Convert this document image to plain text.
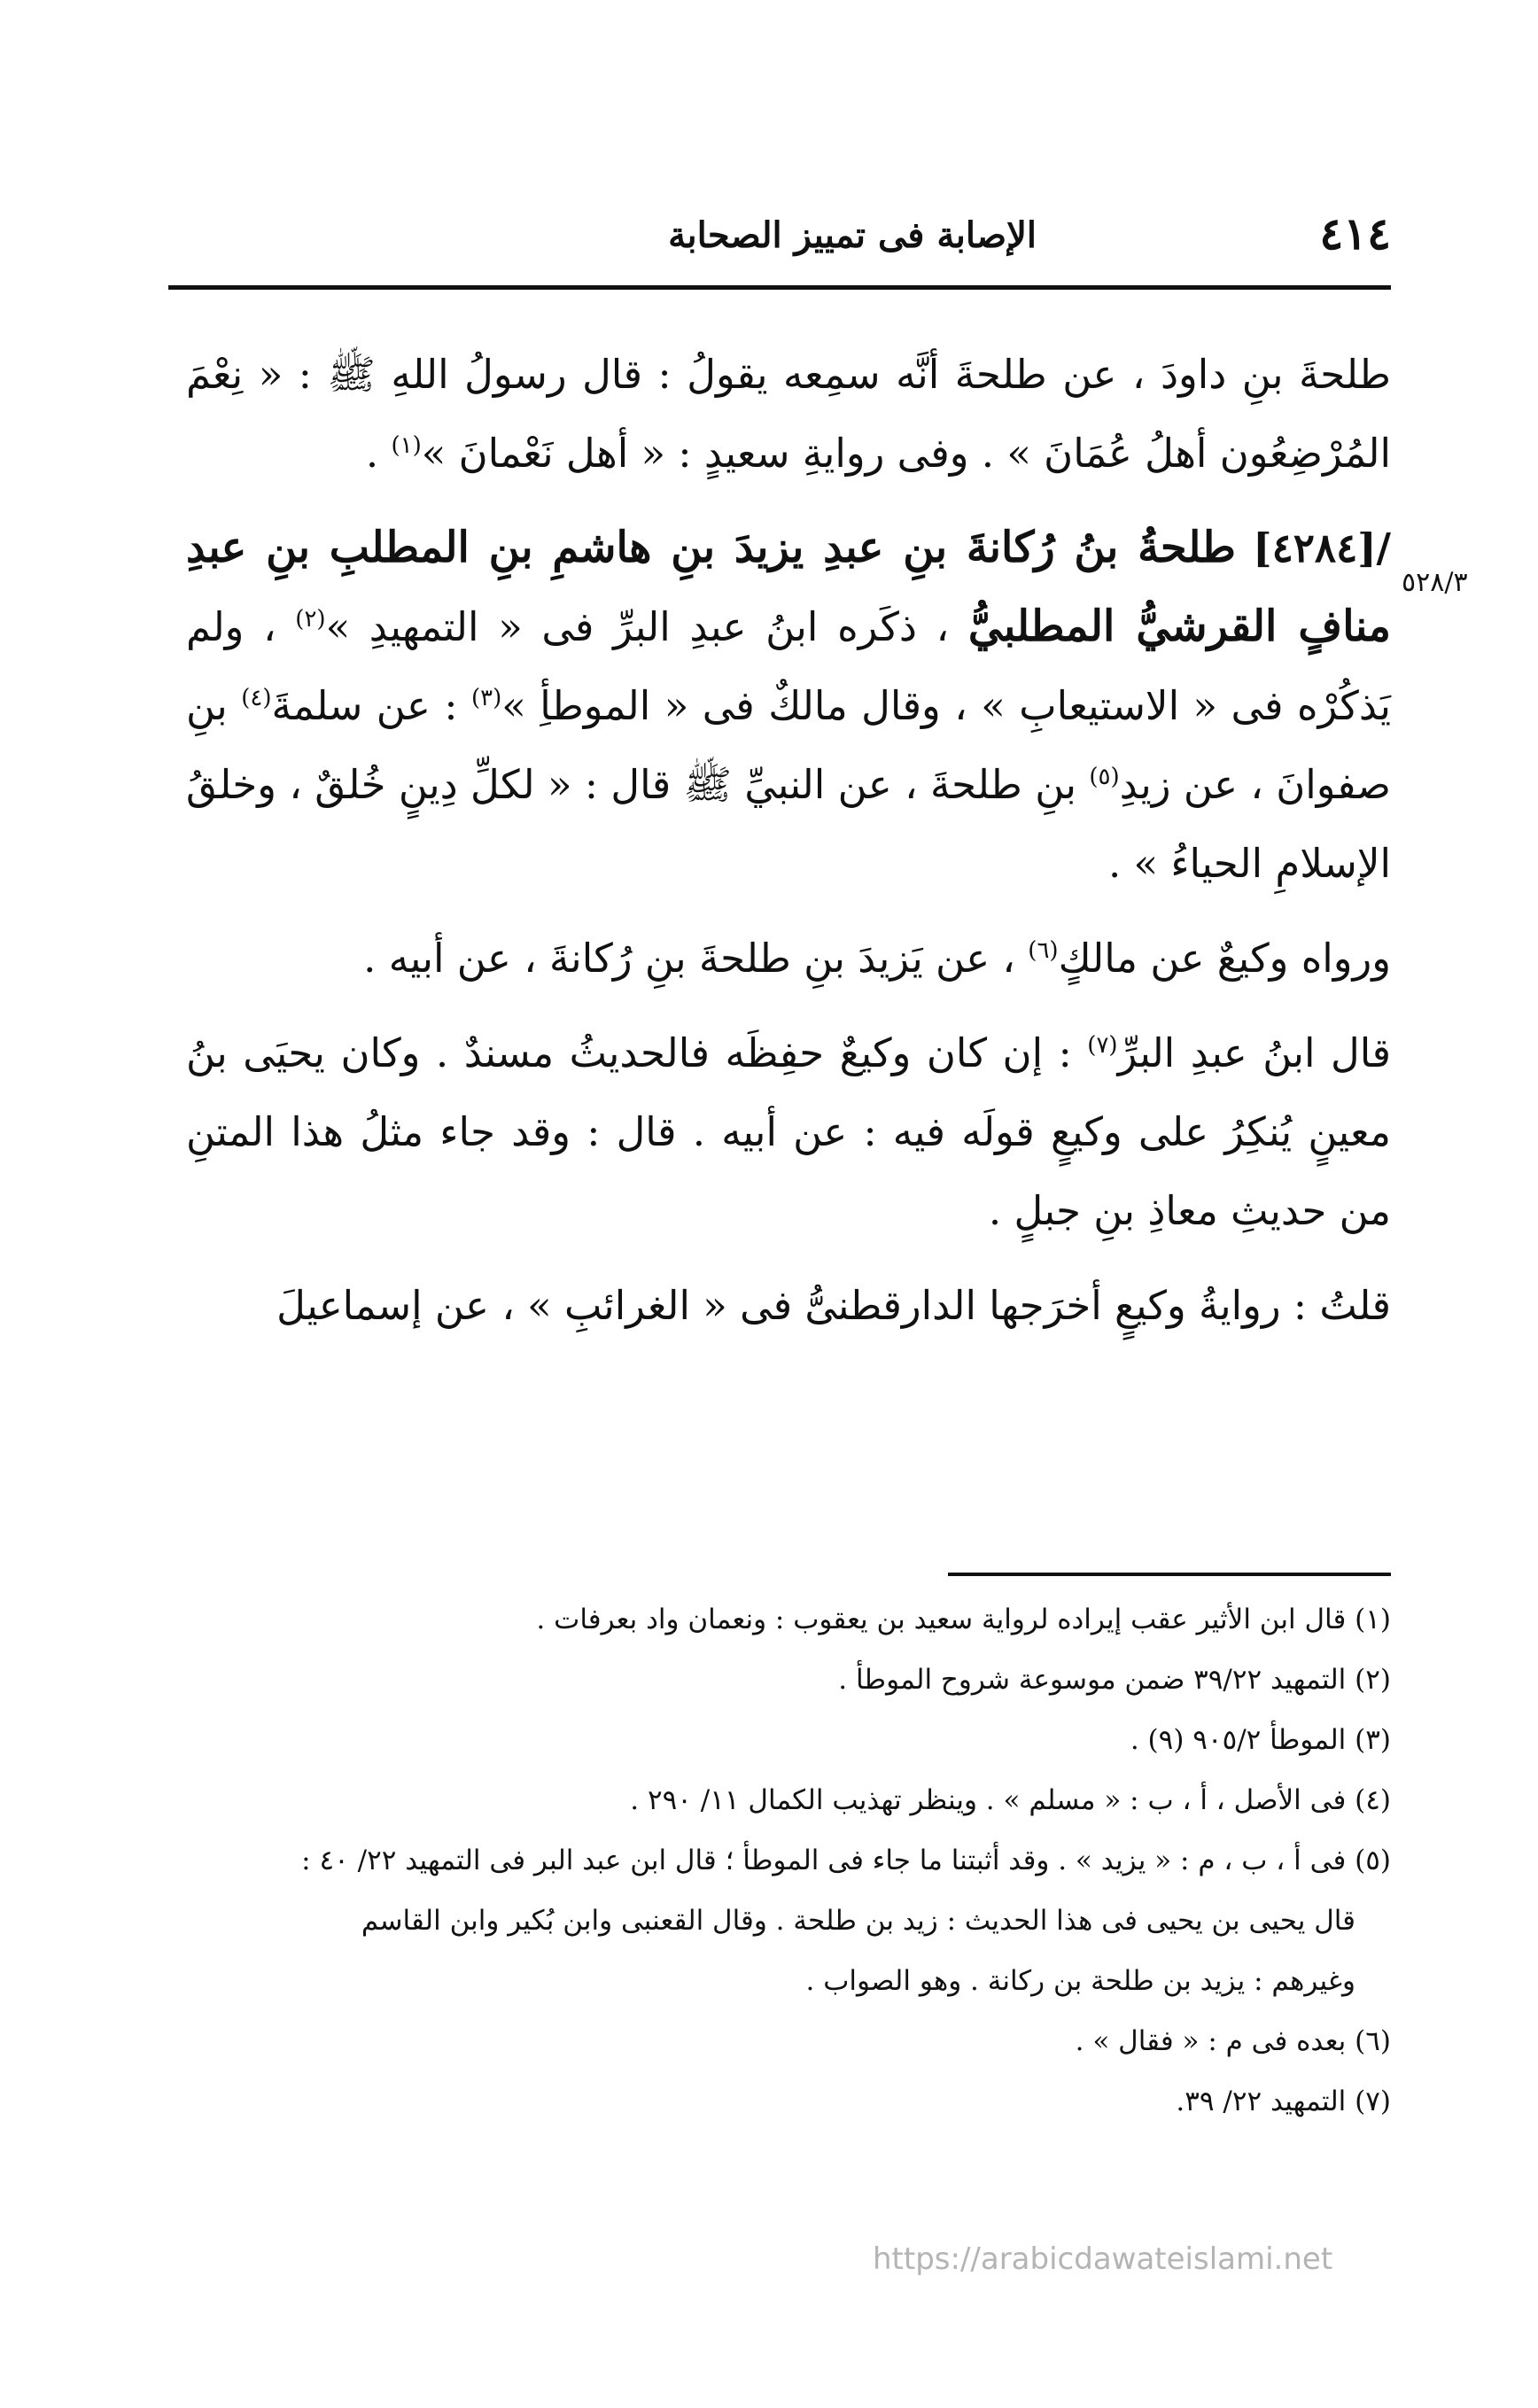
٤١٤
الإصابة فى تمييز الصحابة
٥٢٨/٣

طلحةَ بنِ داودَ ، عن طلحةَ أنَّه سمِعه يقولُ : قال رسولُ اللهِ ﷺ : « نِعْمَ المُرْضِعُون أهلُ عُمَانَ » . وفى روايةِ سعيدٍ : « أهل نَعْمانَ »$^{(١)}$ .

/[٤٢٨٤] طلحةُ بنُ رُكانةَ بنِ عبدِ يزيدَ بنِ هاشمِ بنِ المطلبِ بنِ عبدِ منافٍ القرشيُّ المطلبيُّ ، ذكَره ابنُ عبدِ البرِّ فى « التمهيدِ »$^{(٢)}$ ، ولم يَذكُرْه فى « الاستيعابِ » ، وقال مالكٌ فى « الموطأِ »$^{(٣)}$ : عن سلمةَ$^{(٤)}$ بنِ صفوانَ ، عن زيدِ$^{(٥)}$ بنِ طلحةَ ، عن النبيِّ ﷺ قال : « لكلِّ دِينٍ خُلقٌ ، وخلقُ الإسلامِ الحياءُ » .

ورواه وكيعٌ عن مالكٍ$^{(٦)}$ ، عن يَزيدَ بنِ طلحةَ بنِ رُكانةَ ، عن أبيه .

قال ابنُ عبدِ البرِّ$^{(٧)}$ : إن كان وكيعٌ حفِظَه فالحديثُ مسندٌ . وكان يحيَى بنُ معينٍ يُنكِرُ على وكيعٍ قولَه فيه : عن أبيه . قال : وقد جاء مثلُ هذا المتنِ من حديثِ معاذِ بنِ جبلٍ .

قلتُ : روايةُ وكيعٍ أخرَجها الدارقطنىُّ فى « الغرائبِ » ، عن إسماعيلَ

(١) قال ابن الأثير عقب إيراده لرواية سعيد بن يعقوب : ونعمان واد بعرفات .

(٢) التمهيد ٣٩/٢٢ ضمن موسوعة شروح الموطأ .

(٣) الموطأ ٩٠٥/٢ (٩) .

(٤) فى الأصل ، أ ، ب : « مسلم » . وينظر تهذيب الكمال ١١/ ٢٩٠ .

(٥) فى أ ، ب ، م : « يزيد » . وقد أثبتنا ما جاء فى الموطأ ؛ قال ابن عبد البر فى التمهيد ٢٢/ ٤٠ :

قال يحيى بن يحيى فى هذا الحديث : زيد بن طلحة . وقال القعنبى وابن بُكير وابن القاسم

وغيرهم : يزيد بن طلحة بن ركانة . وهو الصواب .

(٦) بعده فى م : « فقال » .

(٧) التمهيد ٢٢/ ٣٩.

https://arabicdawateislami.net
